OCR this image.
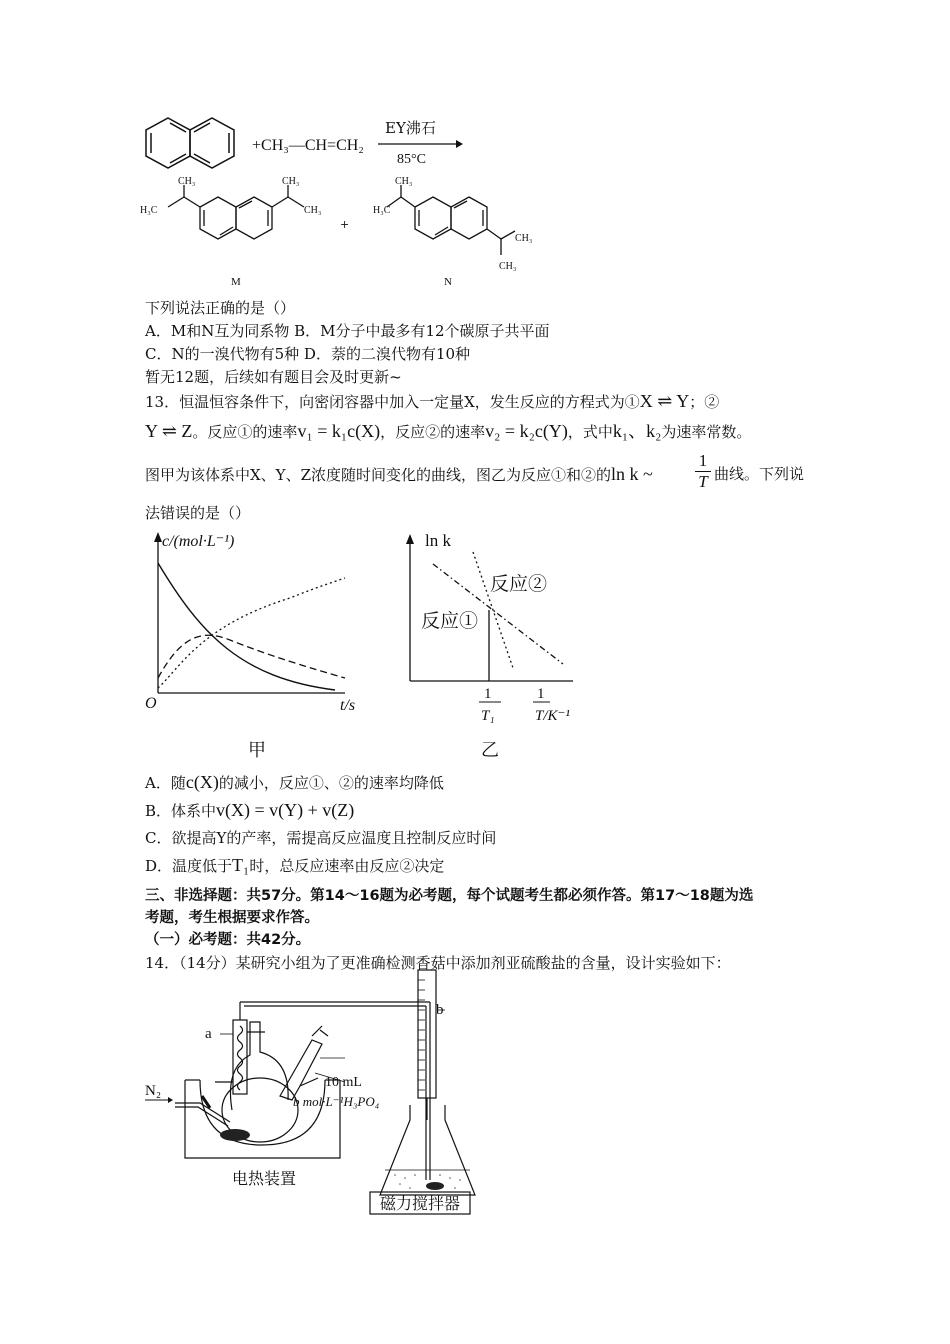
+CH₃—CH=CH₂
EY沸石
85°C
CH₃
H₃C
CH₃
CH₃
+
CH₃
H₃C
CH₃
CH₃
M	N
下列说法正确的是（）
A．M和N互为同系物 B．M分子中最多有12个碳原子共平面
C．N的一溴代物有5种 D．萘的二溴代物有10种
暂无12题，后续如有题目会及时更新~
13．恒温恒容条件下，向密闭容器中加入一定量X，发生反应的方程式为①X ⇌ Y；②
Y ⇌ Z。反应①的速率v₁ = k₁c(X)，反应②的速率v₂ = k₂c(Y)，式中k₁、k₂为速率常数。
图甲为该体系中X、Y、Z浓度随时间变化的曲线，图乙为反应①和②的ln k ~ $\frac{1}{T}$ 曲线。下列说
法错误的是（）
c/(mol·L⁻¹)
O	t/s
甲
ln k
反应②
反应①
1
T₁
1
T/K⁻¹
乙
A．随c(X)的减小，反应①、②的速率均降低
B．体系中v(X) = v(Y) + v(Z)
C．欲提高Y的产率，需提高反应温度且控制反应时间
D．温度低于T₁时，总反应速率由反应②决定
三、非选择题：共57分。第14～16题为必考题，每个试题考生都必须作答。第17～18题为选
考题，考生根据要求作答。
（一）必考题：共42分。
14．（14分）某研究小组为了更准确检测香菇中添加剂亚硫酸盐的含量，设计实验如下：
a
b
N₂
10 mL
b mol·L⁻¹H₃PO₄
电热装置
磁力搅拌器
